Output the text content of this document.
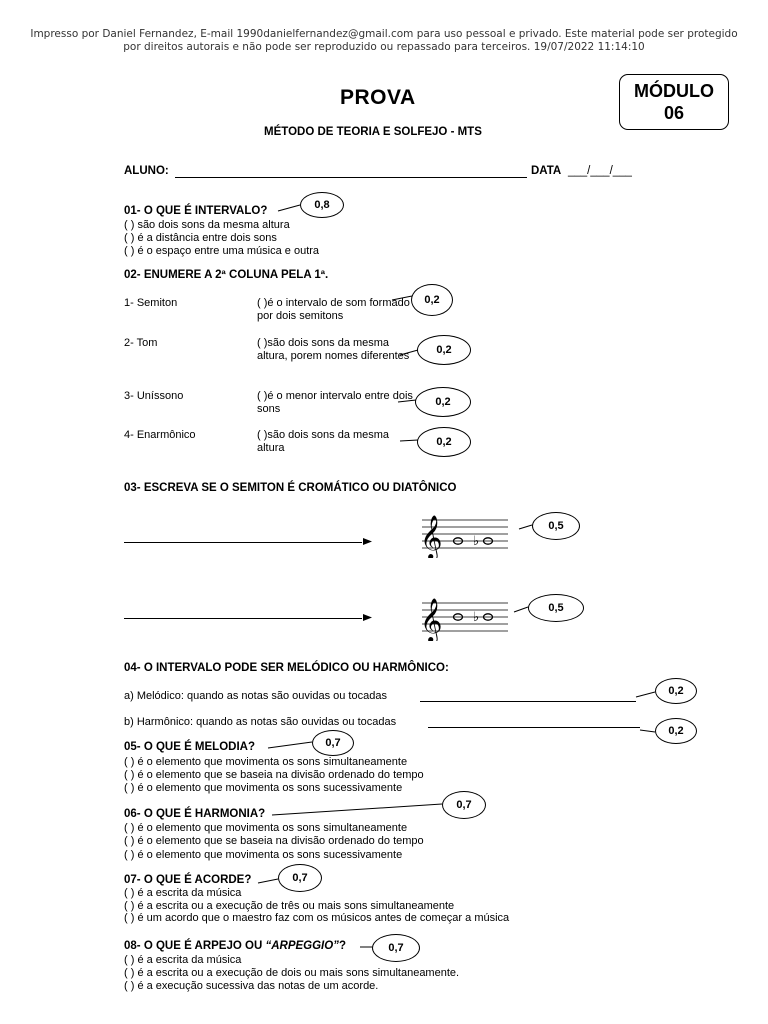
Impresso por Daniel Fernandez, E-mail 1990danielfernandez@gmail.com para uso pessoal e privado. Este material pode ser protegido
por direitos autorais e não pode ser reproduzido ou repassado para terceiros. 19/07/2022 11:14:10
PROVA	MÓDULO
06
MÉTODO DE TEORIA E SOLFEJO - MTS
ALUNO:	DATA ___/___/___
01- O QUE É INTERVALO?	0,8
( ) são dois sons da mesma altura
( ) é a distância entre dois sons
( ) é o espaço entre uma música e outra
02- ENUMERE A 2ª COLUNA PELA 1ª.
1- Semiton	( )é o intervalo de som formado por dois semitons
0,2
2- Tom	( )são dois sons da mesma altura, porem nomes diferentes	0,2
3- Uníssono	( )é o menor intervalo entre dois sons
0,2
4- Enarmônico	( )são dois sons da mesma altura	0,2
03- ESCREVA SE O SEMITON É CROMÁTICO OU DIATÔNICO
𝄞 ♭
0,5
𝄞 ♭
0,5
04- O INTERVALO PODE SER MELÓDICO OU HARMÔNICO:
a) Melódico: quando as notas são ouvidas ou tocadas	0,2
b) Harmônico: quando as notas são ouvidas ou tocadas
0,2
05- O QUE É MELODIA?	0,7
( ) é o elemento que movimenta os sons simultaneamente
( ) é o elemento que se baseia na divisão ordenado do tempo
( ) é o elemento que movimenta os sons sucessivamente
06- O QUE É HARMONIA?
0,7
( ) é o elemento que movimenta os sons simultaneamente
( ) é o elemento que se baseia na divisão ordenado do tempo
( ) é o elemento que movimenta os sons sucessivamente
07- O QUE É ACORDE?	0,7
( ) é a escrita da música
( ) é a escrita ou a execução de três ou mais sons simultaneamente
( ) é um acordo que o maestro faz com os músicos antes de começar a música
08- O QUE É ARPEJO OU “ARPEGGIO”?	0,7
( ) é a escrita da música
( ) é a escrita ou a execução de dois ou mais sons simultaneamente.
( ) é a execução sucessiva das notas de um acorde.
